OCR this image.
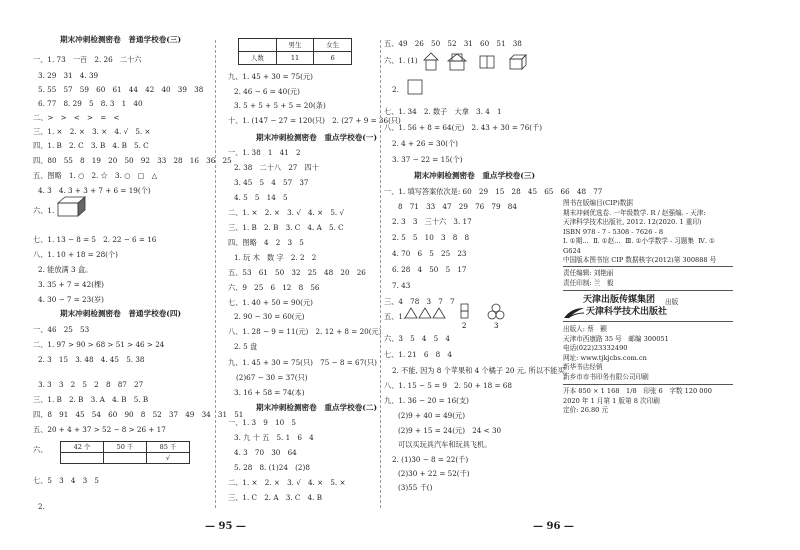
期末冲刺检测密卷　普通学校卷(三)
一、1. 73　一百　2. 26　二十六
3. 29　31　4. 39
5. 55　57　59　60　61　44　42　40　39　38
6. 77　8. 29　5　8. 3　1　40
二、>　>　<　>　=　<
三、1. ×　2. ×　3. ×　4. √　5. ×
四、1. B　2. C　3. B　4. B　5. C
四、80　55　8　19　20　50　92　33　28　16　36　25
五、图略　1. ○　2. ☆　3. ○　□　△
4. 3　4. 3 + 3 + 7 + 6 = 19(个)
六、1.
七、1. 13 − 8 = 5　2. 22 − 6 = 16
八、1. 10 + 18 = 28(个)
2. 能放满 3 盒。
3. 35 + 7 = 42(棵)
4. 30 − 7 = 23(岁)
期末冲刺检测密卷　普通学校卷(四)
一、46　25　53
二、1. 97 > 90 > 68 > 51 > 46 > 24
2. 3　15　3. 48　4. 45　5. 38
3. 3　3　2　5　2　8　87　27
三、1. B　2. B　3. A　4. B　5. B
四、8　91　45　54　60　90　8　52　37　49　34　31　51
五、20 + 4 + 37 > 52 − 8 > 26 + 17
六、	42 个	50 千	85 千
		√
七、5　3　4　3　5
2.
	男生	女生
人数	11	6
九、1. 45 + 30 = 75(元)
2. 46 − 6 = 40(元)
3. 5 + 5 + 5 + 5 = 20(条)
十、1. (147 − 27 = 120(只)　2. (27 + 9 = 36(只)
期末冲刺检测密卷　重点学校卷(一)
一、1. 38　1　41　2
2. 38　二十八　27　四十
3. 45　5　4　57　37
4. 5　5　14　5
二、1. ×　2. ×　3. √　4. ×　5. √
三、1. B　2. B　3. C　4. A　5. C
四、图略　4　2　3　5
1. 玩 木　数 字　2. 2　2
五、53　61　50　32　25　48　20　26
六、9　25　6　12　8　56
七、1. 40 + 50 = 90(元)
2. 90 − 30 = 60(元)
八、1. 28 − 9 = 11(元)　2. 12 + 8 = 20(元)
2. 5 盘
九、1. 45 + 30 = 75(只)　75 − 8 = 67(只)
(2)67 − 30 = 37(只)
3. 16 + 58 = 74(本)
期末冲刺检测密卷　重点学校卷(二)
一、1. 3　9　10　5
3. 九 十 五　5. 1　6　4
4. 3　70　30　64
5. 28　8. (1)24　(2)8
二、1. ×　2. ×　3. √　4. ×　5. ×
三、1. C　2. A　3. C　4. B
五、49　26　50　52　31　60　51　38
六、1. (1)
2.
七、1. 34　2. 数子　大拿　3. 4　1
八、1. 56 + 8 = 64(元)　2. 43 + 30 = 76(千)
2. 4 + 26 = 30(个)
3. 37 − 22 = 15(个)
期末冲刺检测密卷　重点学校卷(三)
一、1. 填写答案依次是: 60　29　15　28　45　65　66　48　77
8　71　33　47　29　76　79　84
2. 3　3　三十六　3. 17
2. 5　5　10　3　8　8
4. 70　6　5　25　23
6. 28　4　50　5　17
7. 43
三、4　78　3　7　7
五、1.
2	3
六、3　5　4　5　4
七、1. 21　6　8　4
2. 不能, 因为 8 个苹果和 4 个橘子 20 元, 所以不能买。
八、1. 15 − 5 = 9　2. 50 + 18 = 68
九、1. 36 − 20 = 16(支)
(2)9 + 40 = 49(元)
(2)9 + 15 = 24(元)　24 < 30
可以买玩具汽车和玩具飞机。
2. (1)30 − 8 = 22(千)
(2)30 + 22 = 52(千)
(3)55 千()
图书在版编目(CIP)数据
期末冲刺优选卷. 一年级数学. R / 赵强编. - 天津:
天津科学技术出版社, 2012. 12(2020. 1 重印)
ISBN 978 - 7 - 5308 - 7626 - 8
Ⅰ. ①期…  Ⅱ. ①赵…  Ⅲ. ①小学数学 - 习题集  Ⅳ. ①
G624
中国版本图书馆 CIP 数据核字(2012)第 300888 号
责任编辑: 刘艳丽
责任印制: 兰　毅
天津出版传媒集团 出版
天津科学技术出版社
出版人: 蔡　颢
天津市西康路 35 号　邮编 300051
电话(022)23332490
网址: www.tjkjcbs.com.cn
新华书店经销
新乡市市书印务有限公司印刷
开本 850 × 1 168　1/8　印张 6　字数 120 000
2020 年 1 月第 1 版第 8 次印刷
定价: 26.80 元
— 95 —	— 96 —
